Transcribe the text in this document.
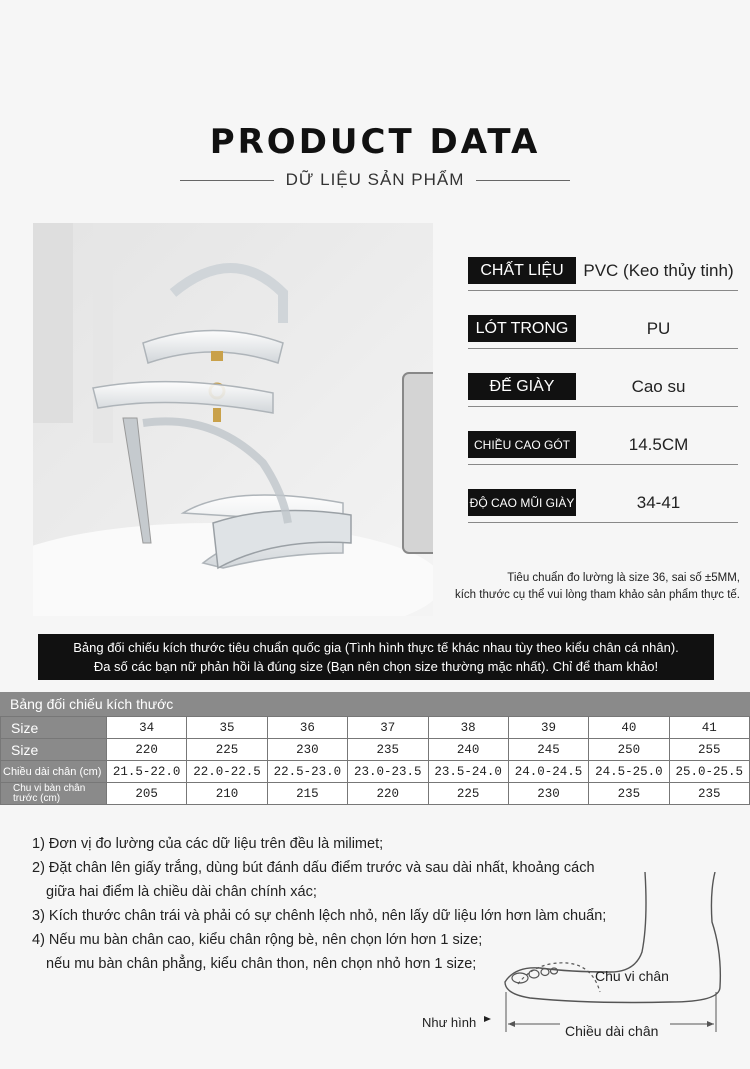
PRODUCT DATA
DỮ LIỆU SẢN PHẨM
CHẤT LIỆU	PVC (Keo thủy tinh)
LÓT TRONG	PU
ĐẾ GIÀY	Cao su
CHIỀU CAO GÓT	14.5CM
ĐỘ CAO MŨI GIÀY	34-41
Tiêu chuẩn đo lường là size 36, sai số ±5MM,
kích thước cụ thể vui lòng tham khảo sản phẩm thực tế.
Bảng đối chiếu kích thước tiêu chuẩn quốc gia (Tình hình thực tế khác nhau tùy theo kiểu chân cá nhân).
Đa số các bạn nữ phản hồi là đúng size (Bạn nên chọn size thường mặc nhất). Chỉ để tham khảo!
Bảng đối chiếu kích thước
Size	34	35	36	37	38	39	40	41
Size	220	225	230	235	240	245	250	255
Chiều dài chân (cm)	21.5-22.0	22.0-22.5	22.5-23.0	23.0-23.5	23.5-24.0	24.0-24.5	24.5-25.0	25.0-25.5
Chu vi bàn chân trước (cm)	205	210	215	220	225	230	235	235
1) Đơn vị đo lường của các dữ liệu trên đều là milimet;
2) Đặt chân lên giấy trắng, dùng bút đánh dấu điểm trước và sau dài nhất, khoảng cách
giữa hai điểm là chiều dài chân chính xác;
3) Kích thước chân trái và phải có sự chênh lệch nhỏ, nên lấy dữ liệu lớn hơn làm chuẩn;
4) Nếu mu bàn chân cao, kiểu chân rộng bè, nên chọn lớn hơn 1 size;
nếu mu bàn chân phẳng, kiểu chân thon, nên chọn nhỏ hơn 1 size;
Chu vi chân
Chiều dài chân
Như hình
